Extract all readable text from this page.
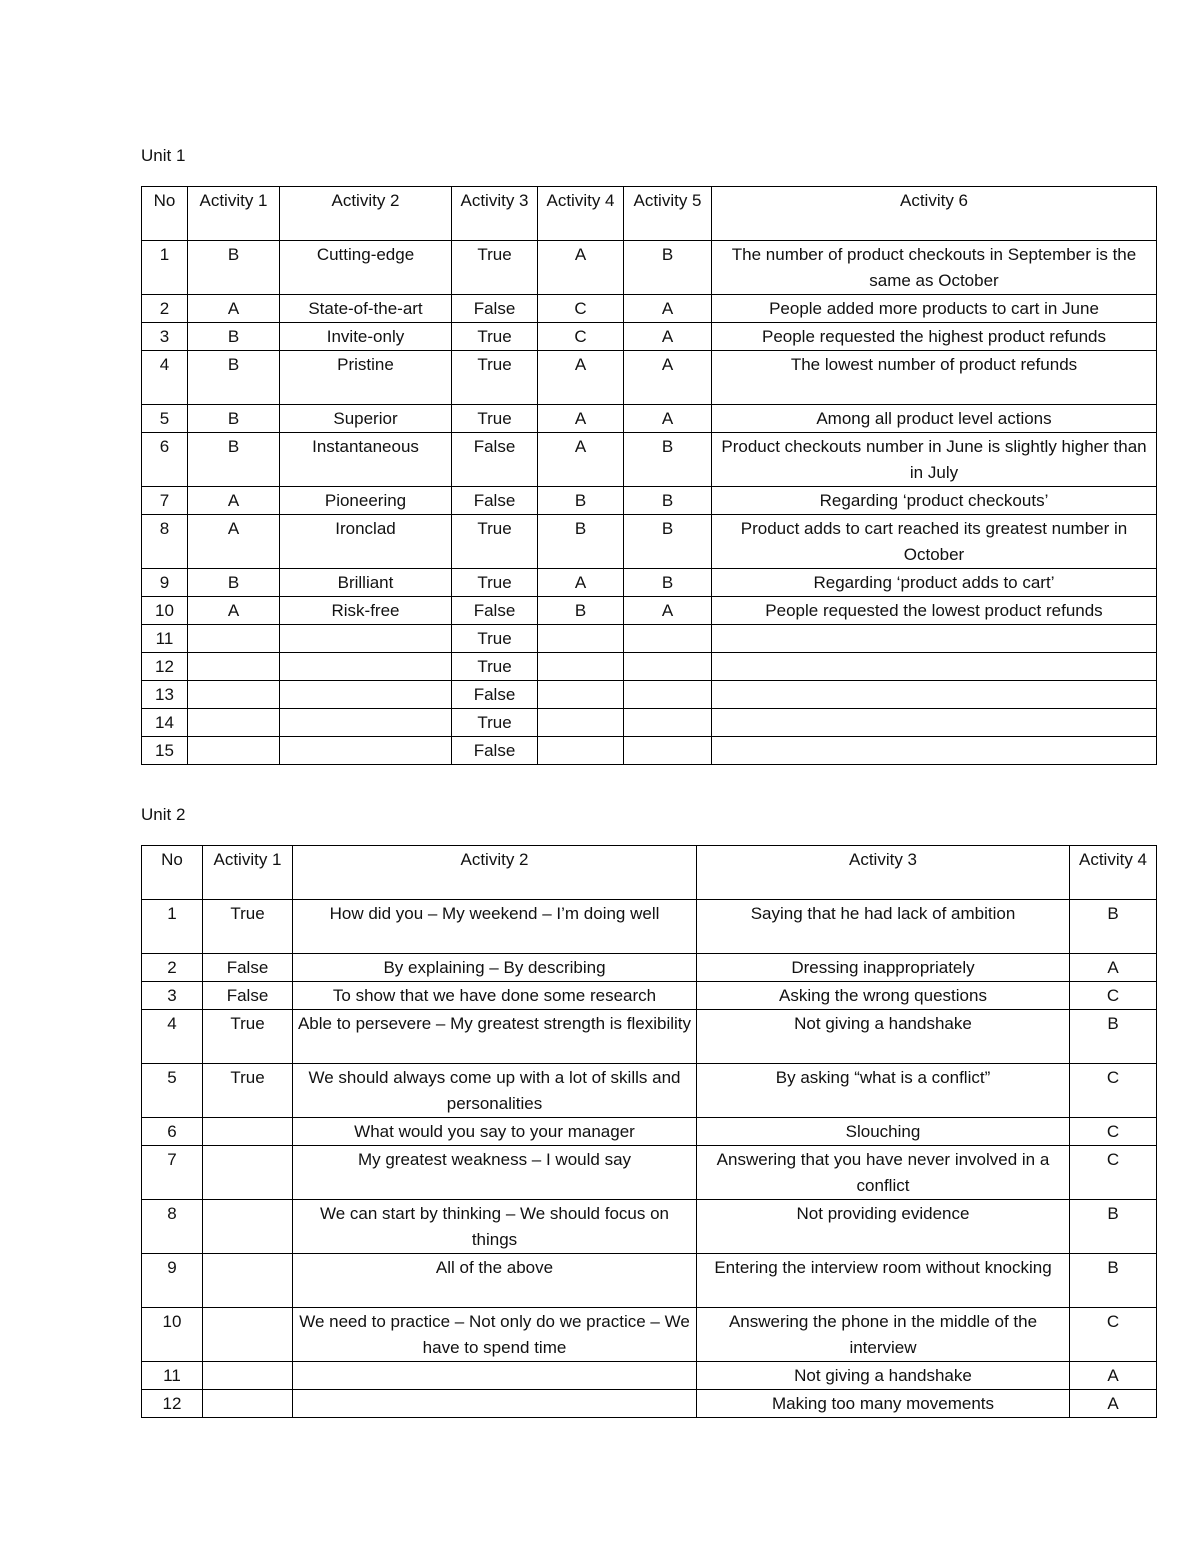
Unit 1
No	Activity 1	Activity 2	Activity 3	Activity 4	Activity 5	Activity 6
1	B	Cutting-edge	True	A	B	The number of product checkouts in September is the same as October
2	A	State-of-the-art	False	C	A	People added more products to cart in June
3	B	Invite-only	True	C	A	People requested the highest product refunds
4	B	Pristine	True	A	A	The lowest number of product refunds
5	B	Superior	True	A	A	Among all product level actions
6	B	Instantaneous	False	A	B	Product checkouts number in June is slightly higher than in July
7	A	Pioneering	False	B	B	Regarding ‘product checkouts’
8	A	Ironclad	True	B	B	Product adds to cart reached its greatest number in October
9	B	Brilliant	True	A	B	Regarding ‘product adds to cart’
10	A	Risk-free	False	B	A	People requested the lowest product refunds
11			True			
12			True			
13			False			
14			True			
15			False			
Unit 2
No	Activity 1	Activity 2	Activity 3	Activity 4
1	True	How did you – My weekend – I’m doing well	Saying that he had lack of ambition	B
2	False	By explaining – By describing	Dressing inappropriately	A
3	False	To show that we have done some research	Asking the wrong questions	C
4	True	Able to persevere – My greatest strength is flexibility	Not giving a handshake	B
5	True	We should always come up with a lot of skills and personalities	By asking “what is a conflict”	C
6		What would you say to your manager	Slouching	C
7		My greatest weakness – I would say	Answering that you have never involved in a conflict	C
8		We can start by thinking – We should focus on things	Not providing evidence	B
9		All of the above	Entering the interview room without knocking	B
10		We need to practice – Not only do we practice – We have to spend time	Answering the phone in the middle of the interview	C
11			Not giving a handshake	A
12			Making too many movements	A
